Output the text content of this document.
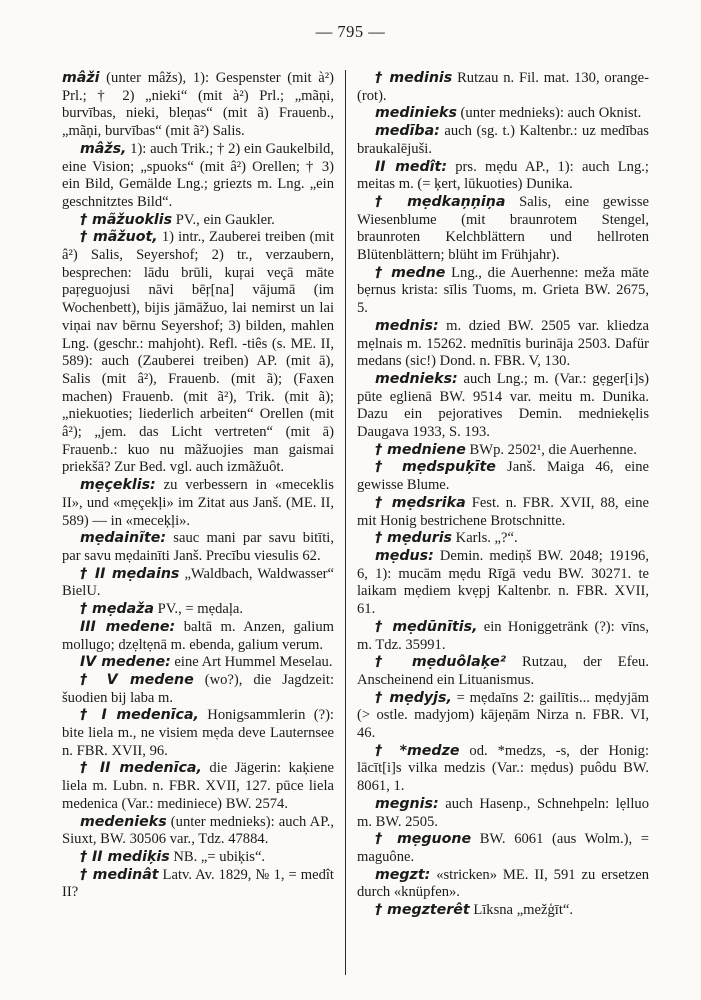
— 795 —

mâži (unter mâžs), 1): Gespenster (mit à²) Prl.; † 2) „nieki“ (mit à²) Prl.; „mãņi, burvības, nieki, bleņas“ (mit ã) Frauenb., „mãņi, burvības“ (mit ã²) Salis.

mâžs, 1): auch Trik.; † 2) ein Gaukelbild, eine Vision; „spuoks“ (mit â²) Orellen; † 3) ein Bild, Gemälde Lng.; griezts m. Lng. „ein geschnitztes Bild“.

† mãžuoklis PV., ein Gaukler.

† mãžuot, 1) intr., Zauberei treiben (mit â²) Salis, Seyershof; 2) tr., verzaubern, besprechen: lādu brūli, kuŗai veçā māte paŗeguojusi nāvi bēŗ[na] vājumā (im Wochenbett), bijis jāmāžuo, lai nemirst un lai viņai nav bērnu Seyershof; 3) bilden, mahlen Lng. (geschr.: mahjoht). Refl. -tiês (s. ME. II, 589): auch (Zauberei treiben) AP. (mit ā), Salis (mit â²), Frauenb. (mit ã); (Faxen machen) Frauenb. (mit ã²), Trik. (mit ã); „niekuoties; liederlich arbeiten“ Orellen (mit â²); „jem. das Licht vertreten“ (mit ā) Frauenb.: kuo nu mãžuojies man gaismai priekšā? Zur Bed. vgl. auch izmãžuôt.

mẹçeklis: zu verbessern in «meceklis II», und «mẹçekļi» im Zitat aus Janš. (ME. II, 589) — in «meceķļi».

mẹdainĩte: sauc mani par savu bitīti, par savu mẹdainīti Janš. Precību viesulis 62.

† II mẹdains „Waldbach, Waldwasser“ BielU.

† mẹdaža PV., = mẹdaļa.

III medene: baltā m. Anzen, galium mollugo; dzẹltẹnā m. ebenda, galium verum.

IV medene: eine Art Hummel Meselau.

† V medene (wo?), die Jagdzeit: šuodien bij laba m.

† I medenīca, Honigsammlerin (?): bite liela m., ne visiem mẹda deve Lauternsee n. FBR. XVII, 96.

† II medenīca, die Jägerin: kaķiene liela m. Lubn. n. FBR. XVII, 127. pūce liela medenica (Var.: mediniece) BW. 2574.

medenieks (unter mednieks): auch AP., Siuxt, BW. 30506 var., Tdz. 47884.

† II mediķis NB. „= ubiķis“.

† medinât Latv. Av. 1829, № 1, = medît II?

† medinis Rutzau n. Fil. mat. 130, orange- (rot).

medinieks (unter mednieks): auch Oknist.

medība: auch (sg. t.) Kaltenbr.: uz medības braukalējuši.

II medît: prs. mẹdu AP., 1): auch Lng.; meitas m. (= ķert, lūkuoties) Dunika.

† mẹdkaņņiņa Salis, eine gewisse Wiesenblume (mit braunrotem Stengel, braunroten Kelchblättern und hellroten Blütenblättern; blüht im Frühjahr).

† medne Lng., die Auerhenne: meža māte bẹrnus krista: sīlis Tuoms, m. Grieta BW. 2675, 5.

mednis: m. dzied BW. 2505 var. kliedza mẹlnais m. 15262. mednītis burināja 2503. Dafür medans (sic!) Dond. n. FBR. V, 130.

mednieks: auch Lng.; m. (Var.: gẹger[i]s) pūte eglienā BW. 9514 var. meitu m. Dunika. Dazu ein pejoratives Demin. medniekẹlis Daugava 1933, S. 193.

† medniene BWp. 2502¹, die Auerhenne.

† mẹdspuķīte Janš. Maiga 46, eine gewisse Blume.

† mẹdsrika Fest. n. FBR. XVII, 88, eine mit Honig bestrichene Brotschnitte.

† mẹduris Karls. „?“.

mẹdus: Demin. mediņš BW. 2048; 19196, 6, 1): mucām mẹdu Rīgā vedu BW. 30271. te laikam mẹdiem kvẹpj Kaltenbr. n. FBR. XVII, 61.

† mẹdūnītis, ein Honiggetränk (?): vīns, m. Tdz. 35991.

† mẹduôlaķe² Rutzau, der Efeu. Anscheinend ein Lituanismus.

† mẹdyjs, = mẹdaīns 2: gailītis... mẹdyjām (> ostle. madyjom) kājeņām Nirza n. FBR. VI, 46.

† *medze od. *medzs, -s, der Honig: lācīt[i]s vilka medzis (Var.: mẹdus) puôdu BW. 8061, 1.

megnis: auch Hasenp., Schnehpeln: lẹlluo m. BW. 2505.

† mẹguone BW. 6061 (aus Wolm.), = maguône.

megzt: «stricken» ME. II, 591 zu ersetzen durch «knüpfen».

† megzterêt Līksna „mežģīt“.
